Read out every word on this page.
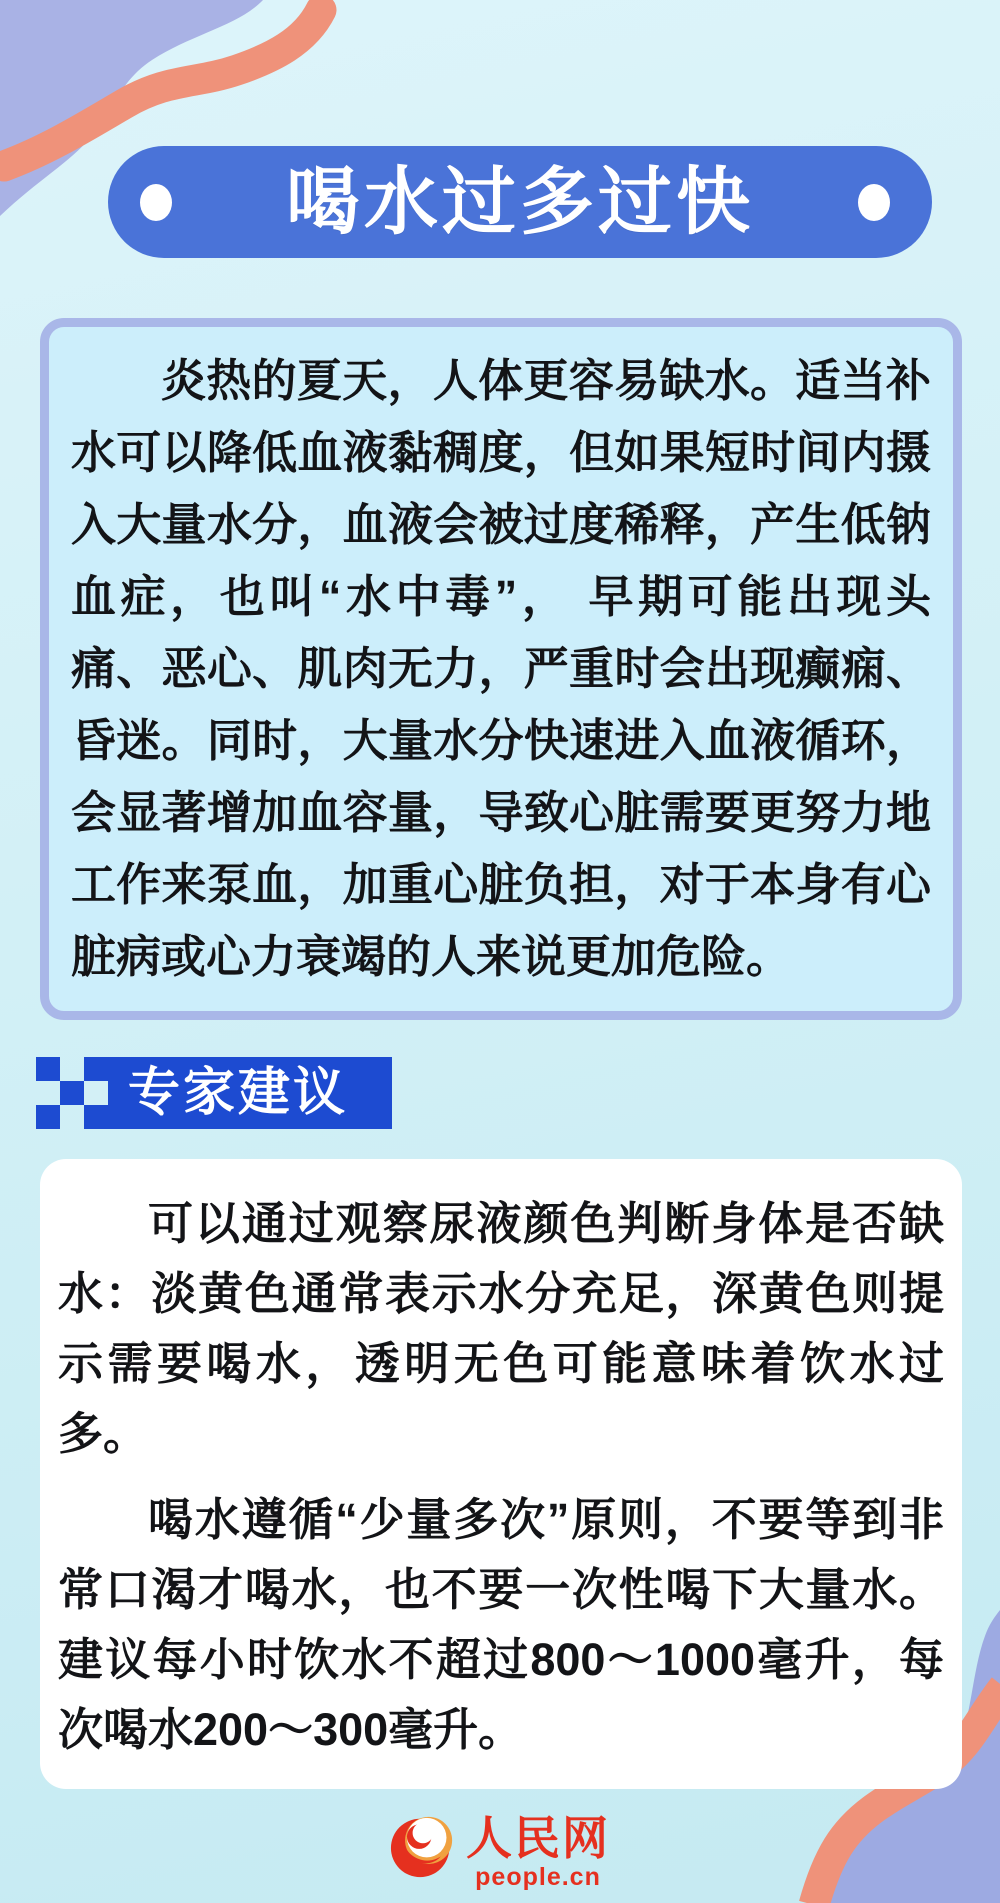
喝水过多过快

炎热的夏天，人体更容易缺水。适当补水可以降低血液黏稠度，但如果短时间内摄入大量水分，血液会被过度稀释，产生低钠血症，也叫“水中毒”， 早期可能出现头痛、恶心、肌肉无力，严重时会出现癫痫、昏迷。同时，大量水分快速进入血液循环，会显著增加血容量，导致心脏需要更努力地工作来泵血，加重心脏负担，对于本身有心脏病或心力衰竭的人来说更加危险。

专家建议

可以通过观察尿液颜色判断身体是否缺水：淡黄色通常表示水分充足，深黄色则提示需要喝水，透明无色可能意味着饮水过多。

喝水遵循“少量多次”原则，不要等到非常口渴才喝水，也不要一次性喝下大量水。建议每小时饮水不超过800～1000毫升，每次喝水200～300毫升。

人民网
people.cn
